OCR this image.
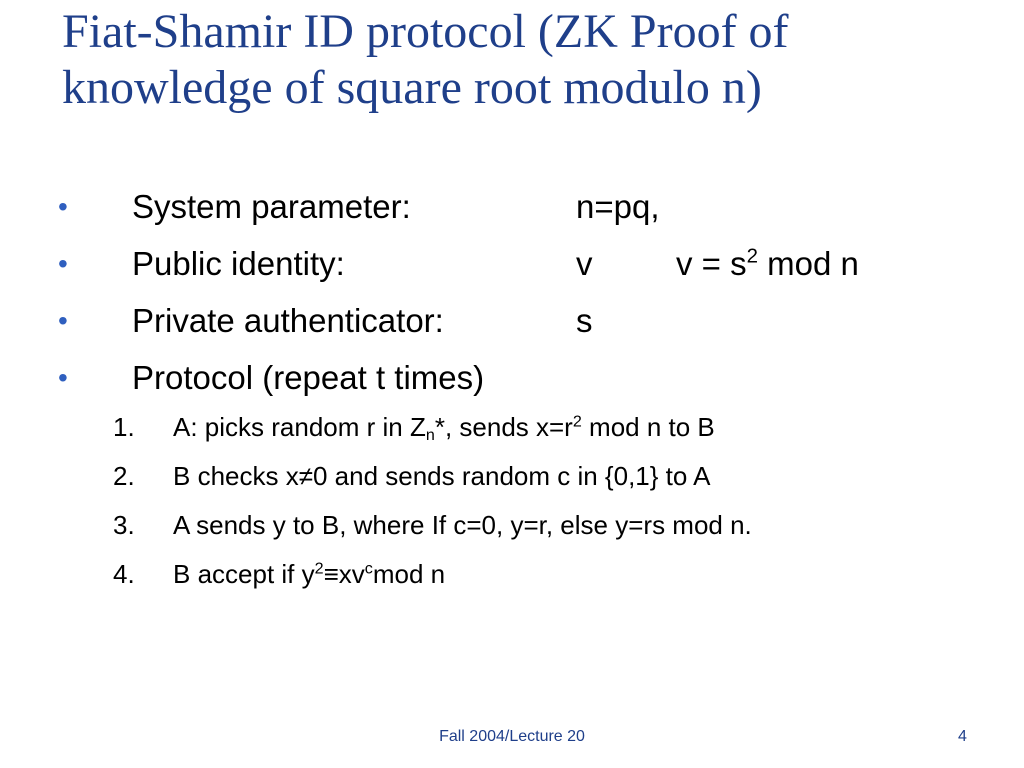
Fiat-Shamir ID protocol (ZK Proof of knowledge of square root modulo n)
• System parameter:	n=pq,
• Public identity:	v	$v = s^2$ mod n
• Private authenticator:	s
• Protocol (repeat t times)
1. A: picks random r in $Z_n*$, sends $x=r^2$ mod n to B
2. B checks x≠0 and sends random c in {0,1} to A
3. A sends y to B, where If c=0, y=r, else y=rs mod n.
4. B accept if $y^2\equiv xv^cmod$ n
Fall 2004/Lecture 20	4
